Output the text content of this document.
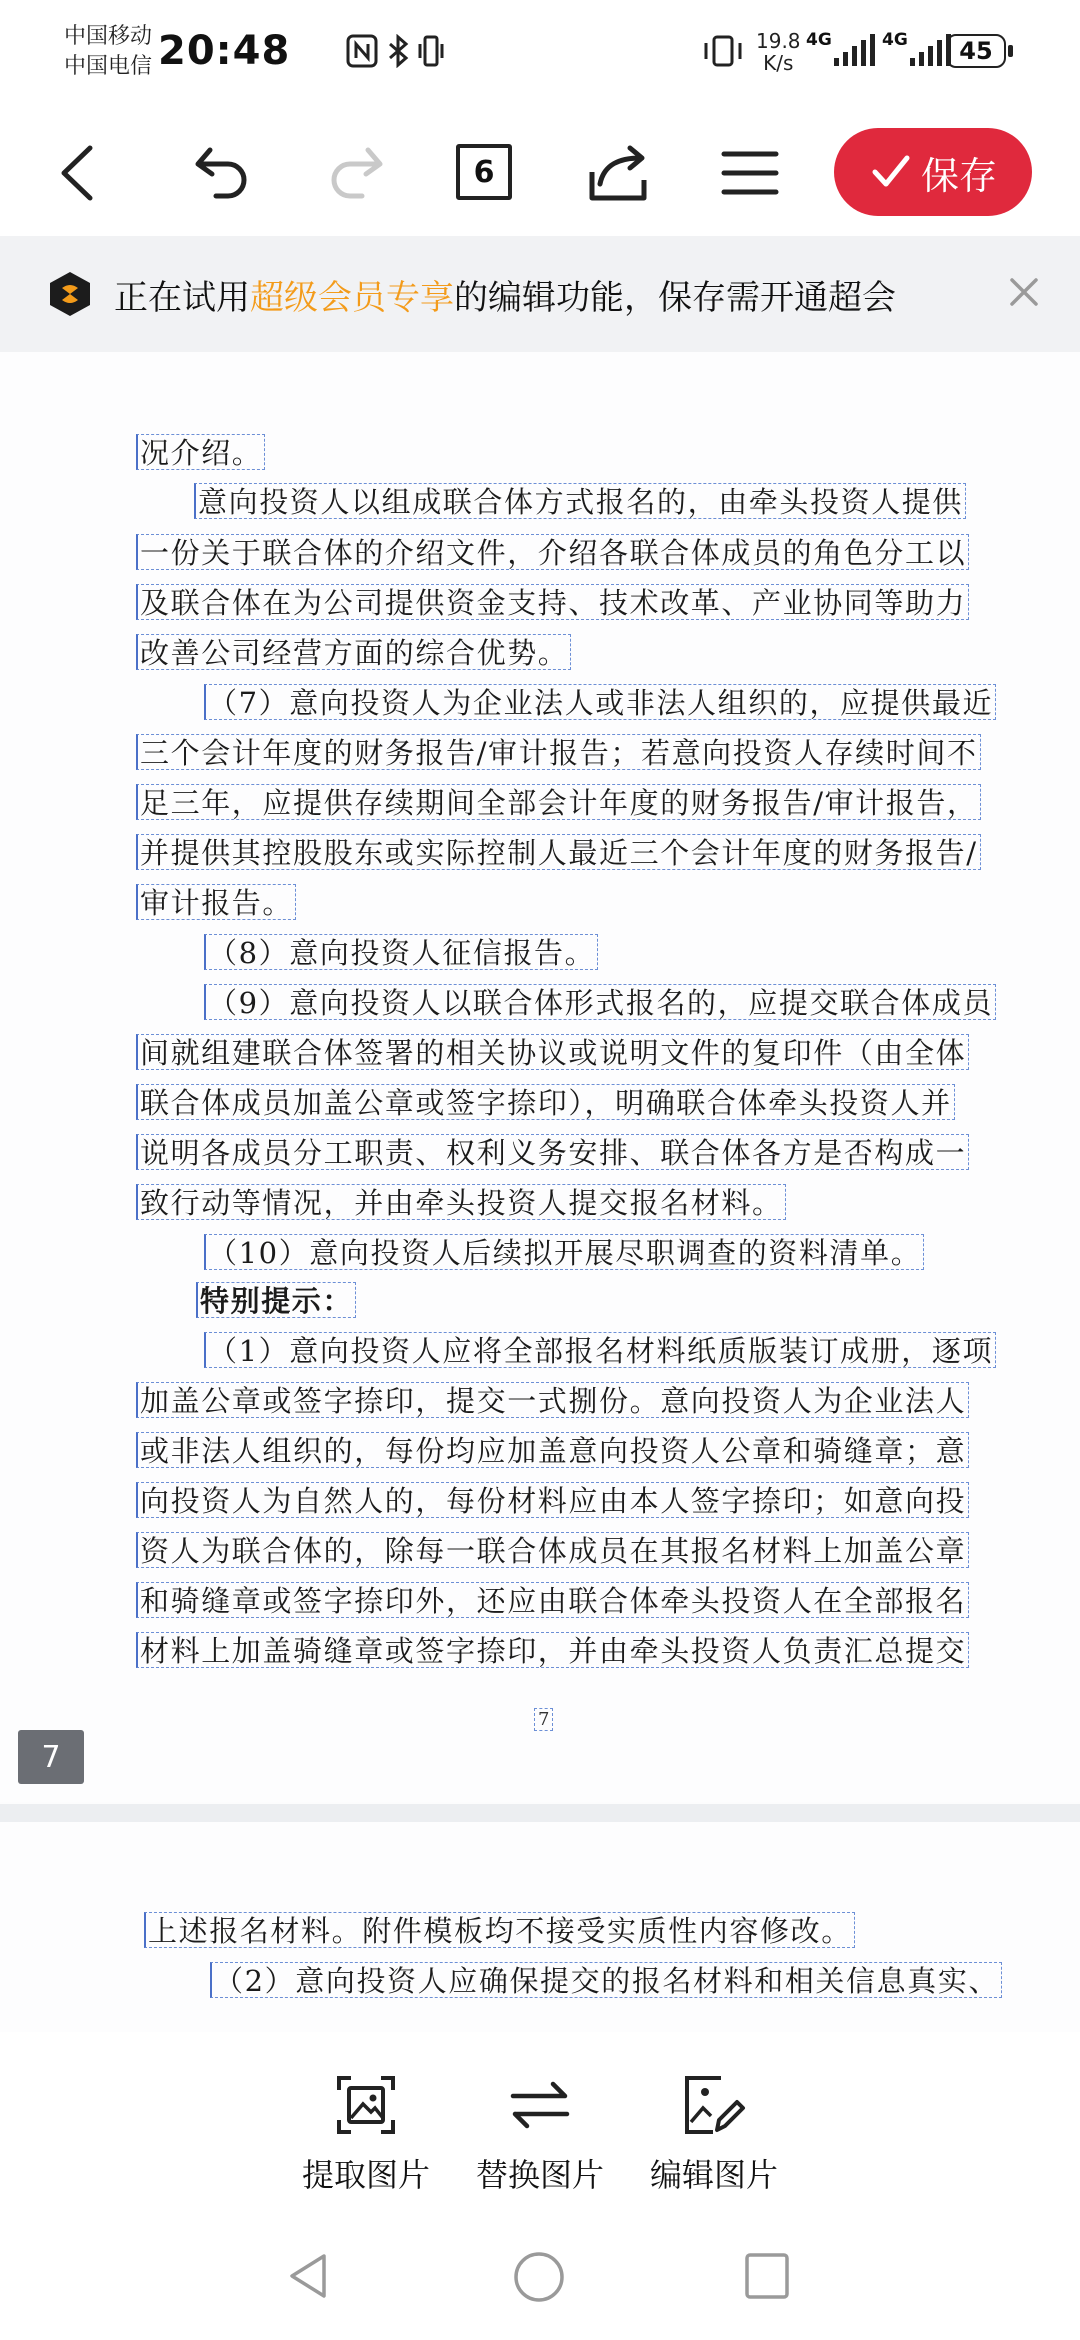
中国移动
中国电信 20:48	19.8
K/s
4G	4G	45
6	保存
正在试用超级会员专享的编辑功能，保存需开通超会
况介绍。
意向投资人以组成联合体方式报名的，由牵头投资人提供
一份关于联合体的介绍文件，介绍各联合体成员的角色分工以
及联合体在为公司提供资金支持、技术改革、产业协同等助力
改善公司经营方面的综合优势。
（7）意向投资人为企业法人或非法人组织的，应提供最近
三个会计年度的财务报告/审计报告；若意向投资人存续时间不
足三年，应提供存续期间全部会计年度的财务报告/审计报告，
并提供其控股股东或实际控制人最近三个会计年度的财务报告/
审计报告。
（8）意向投资人征信报告。
（9）意向投资人以联合体形式报名的，应提交联合体成员
间就组建联合体签署的相关协议或说明文件的复印件（由全体
联合体成员加盖公章或签字捺印），明确联合体牵头投资人并
说明各成员分工职责、权利义务安排、联合体各方是否构成一
致行动等情况，并由牵头投资人提交报名材料。
（10）意向投资人后续拟开展尽职调查的资料清单。
特别提示：
（1）意向投资人应将全部报名材料纸质版装订成册，逐项
加盖公章或签字捺印，提交一式捌份。意向投资人为企业法人
或非法人组织的，每份均应加盖意向投资人公章和骑缝章；意
向投资人为自然人的，每份材料应由本人签字捺印；如意向投
资人为联合体的，除每一联合体成员在其报名材料上加盖公章
和骑缝章或签字捺印外，还应由联合体牵头投资人在全部报名
材料上加盖骑缝章或签字捺印，并由牵头投资人负责汇总提交
7
7
上述报名材料。附件模板均不接受实质性内容修改。
（2）意向投资人应确保提交的报名材料和相关信息真实、
提取图片	替换图片	编辑图片
